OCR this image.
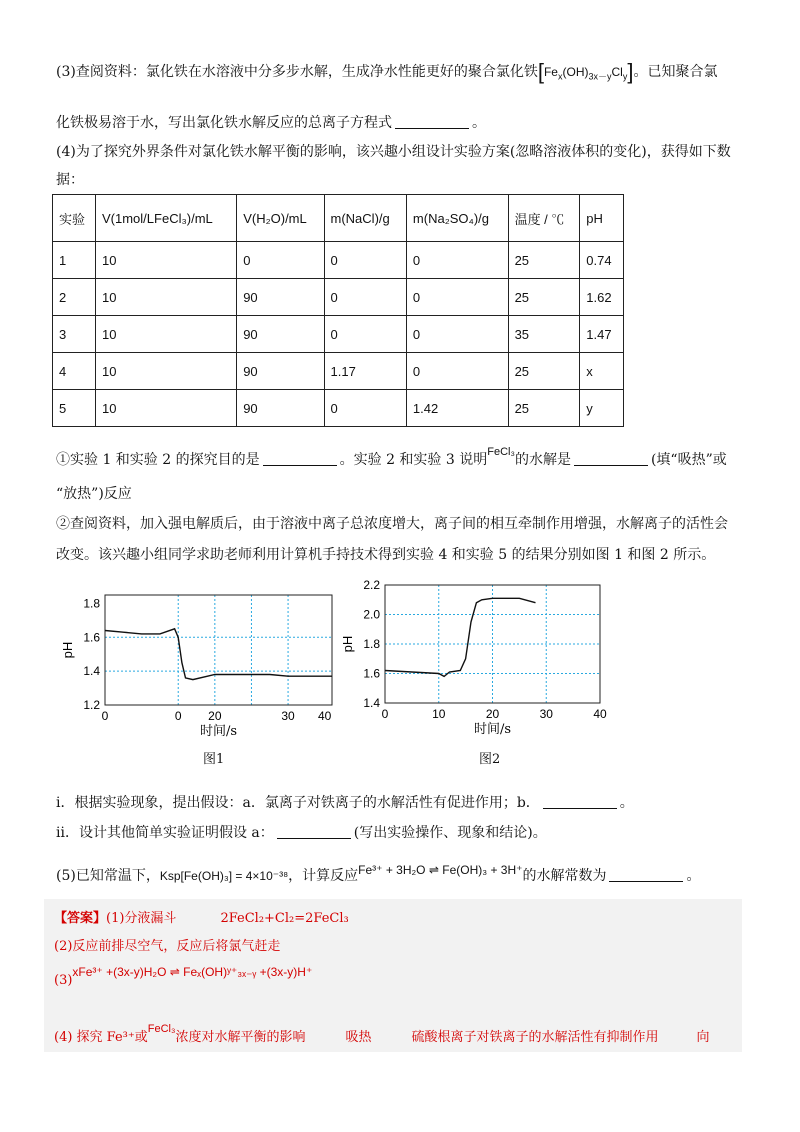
(3)查阅资料：氯化铁在水溶液中分多步水解，生成净水性能更好的聚合氯化铁$[Fe_x(OH)_{3x-y}Cl_y]$。已知聚合氯
化铁极易溶于水，写出氯化铁水解反应的总离子方程式	。
(4)为了探究外界条件对氯化铁水解平衡的影响，该兴趣小组设计实验方案(忽略溶液体积的变化)，获得如下数
据：
实验	V(1mol/LFeCl₃)/mL	V(H₂O)/mL	m(NaCl)/g	m(Na₂SO₄)/g	温度 / ℃	pH
1	10	0	0	0	25	0.74
2	10	90	0	0	25	1.62
3	10	90	0	0	35	1.47
4	10	90	1.17	0	25	x
5	10	90	0	1.42	25	y
①实验 1 和实验 2 的探究目的是	。实验 2 和实验 3 说明$^{FeCl_3}$的水解是	(填“吸热”或
“放热”)反应
②查阅资料，加入强电解质后，由于溶液中离子总浓度增大，离子间的相互牵制作用增强，水解离子的活性会
改变。该兴趣小组同学求助老师利用计算机手持技术得到实验 4 和实验 5 的结果分别如图 1 和图 2 所示。
0	0 20	30 40
1.2
1.4
1.6
1.8
时间/s
pH
图1
0	10	20	30	40
1.4
1.6
1.8
2.0
2.2
时间/s
pH
图2
ⅰ．根据实验现象，提出假设：a．氯离子对铁离子的水解活性有促进作用；b．	。
ⅱ．设计其他简单实验证明假设 a：	(写出实验操作、现象和结论)。
(5)已知常温下，Ksp[Fe(OH)₃] = 4×10⁻³⁸，计算反应Fe³⁺ + 3H₂O ⇌ Fe(OH)₃ + 3H⁺的水解常数为	。
【答案】(1)分液漏斗	2FeCl₂+Cl₂=2FeCl₃
(2)反应前排尽空气，反应后将氯气赶走
(3)xFe³⁺ +(3x-y)H₂O ⇌ Feₓ(OH)ʸ⁺₃ₓ₋ᵧ +(3x-y)H⁺
(4) 探究 Fe³⁺或$^{FeCl_3}$浓度对水解平衡的影响	吸热	硫酸根离子对铁离子的水解活性有抑制作用	向
